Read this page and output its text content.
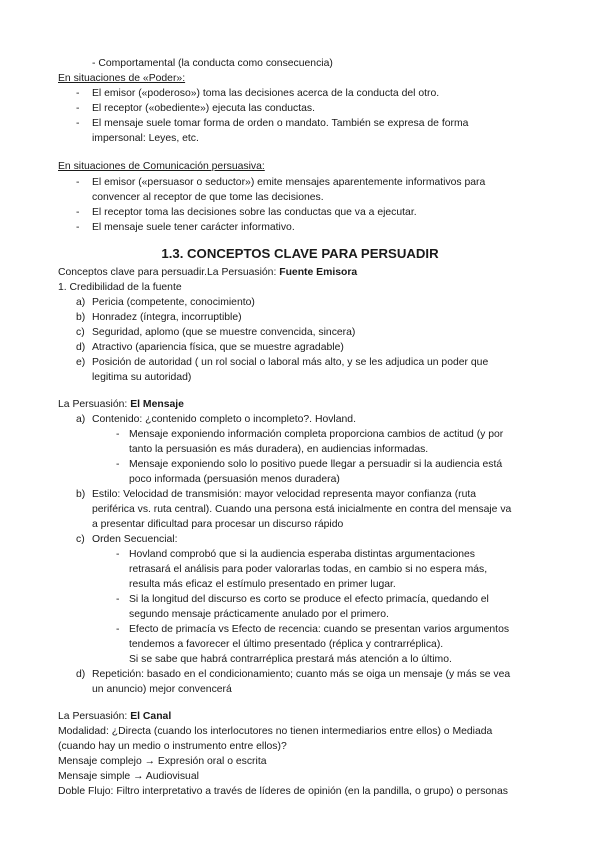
- Comportamental (la conducta como consecuencia)
En situaciones de «Poder»:
- El emisor («poderoso») toma las decisiones acerca de la conducta del otro.
- El receptor («obediente») ejecuta las conductas.
- El mensaje suele tomar forma de orden o mandato. También se expresa de forma
impersonal: Leyes, etc.
En situaciones de Comunicación persuasiva:
- El emisor («persuasor o seductor») emite mensajes aparentemente informativos para
convencer al receptor de que tome las decisiones.
- El receptor toma las decisiones sobre las conductas que va a ejecutar.
- El mensaje suele tener carácter informativo.
1.3. CONCEPTOS CLAVE PARA PERSUADIR
Conceptos clave para persuadir.La Persuasión: Fuente Emisora
1. Credibilidad de la fuente
a) Pericia (competente, conocimiento)
b) Honradez (íntegra, incorruptible)
c) Seguridad, aplomo (que se muestre convencida, sincera)
d) Atractivo (apariencia física, que se muestre agradable)
e) Posición de autoridad ( un rol social o laboral más alto, y se les adjudica un poder que
legitima su autoridad)
La Persuasión: El Mensaje
a) Contenido: ¿contenido completo o incompleto?. Hovland.
- Mensaje exponiendo información completa proporciona cambios de actitud (y por
tanto la persuasión es más duradera), en audiencias informadas.
- Mensaje exponiendo solo lo positivo puede llegar a persuadir si la audiencia está
poco informada (persuasión menos duradera)
b) Estilo: Velocidad de transmisión: mayor velocidad representa mayor confianza (ruta
periférica vs. ruta central). Cuando una persona está inicialmente en contra del mensaje va
a presentar dificultad para procesar un discurso rápido
c) Orden Secuencial:
- Hovland comprobó que si la audiencia esperaba distintas argumentaciones
retrasará el análisis para poder valorarlas todas, en cambio si no espera más,
resulta más eficaz el estímulo presentado en primer lugar.
- Si la longitud del discurso es corto se produce el efecto primacía, quedando el
segundo mensaje prácticamente anulado por el primero.
- Efecto de primacía vs Efecto de recencia: cuando se presentan varios argumentos
tendemos a favorecer el último presentado (réplica y contrarréplica).
Si se sabe que habrá contrarréplica prestará más atención a lo último.
d) Repetición: basado en el condicionamiento; cuanto más se oiga un mensaje (y más se vea
un anuncio) mejor convencerá
La Persuasión: El Canal
Modalidad: ¿Directa (cuando los interlocutores no tienen intermediarios entre ellos) o Mediada
(cuando hay un medio o instrumento entre ellos)?
Mensaje complejo → Expresión oral o escrita
Mensaje simple → Audiovisual
Doble Flujo: Filtro interpretativo a través de líderes de opinión (en la pandilla, o grupo) o personas
